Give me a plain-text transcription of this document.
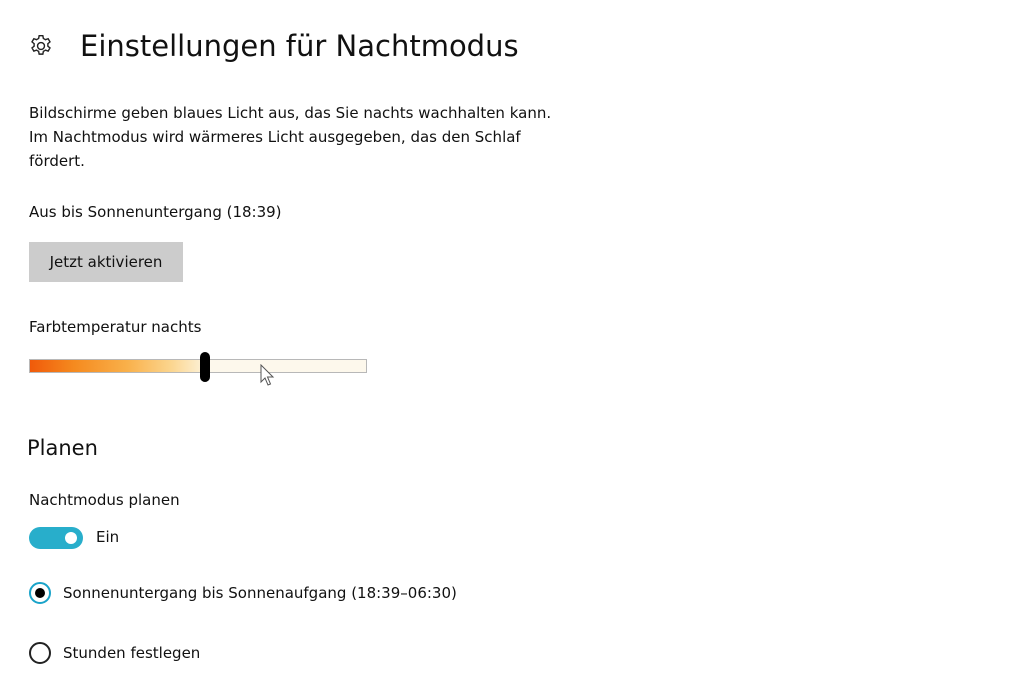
Einstellungen für Nachtmodus
Bildschirme geben blaues Licht aus, das Sie nachts wachhalten kann. Im Nachtmodus wird wärmeres Licht ausgegeben, das den Schlaf fördert.
Aus bis Sonnenuntergang (18:39)
Jetzt aktivieren
Farbtemperatur nachts
Planen
Nachtmodus planen
Ein
Sonnenuntergang bis Sonnenaufgang (18:39–06:30)
Stunden festlegen
